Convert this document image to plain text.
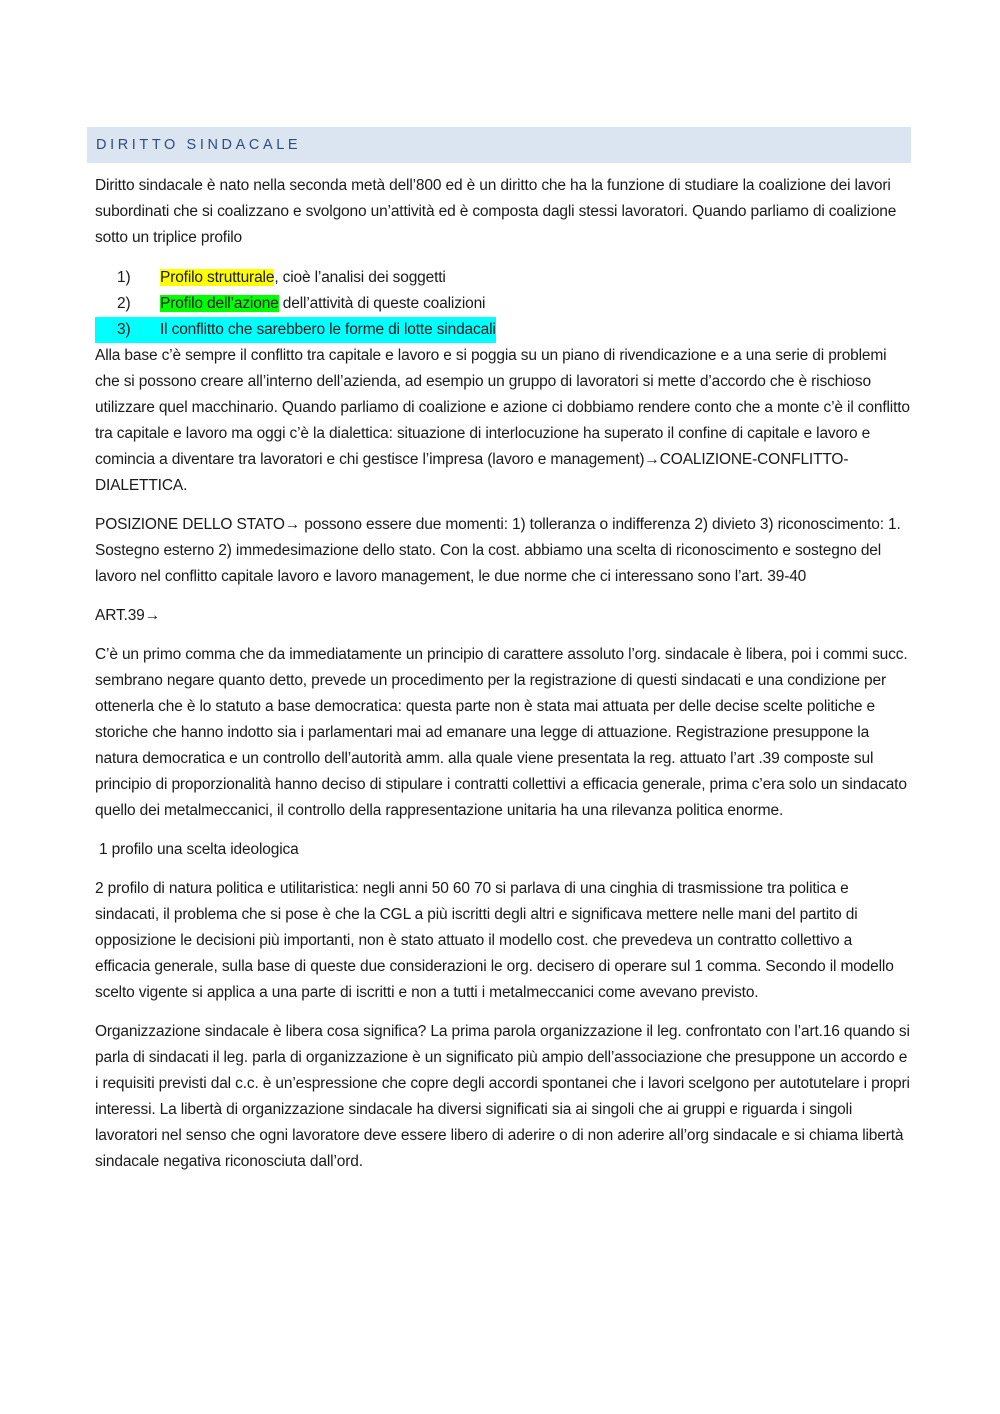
DIRITTO SINDACALE

Diritto sindacale è nato nella seconda metà dell’800 ed è un diritto che ha la funzione di studiare la coalizione dei lavori subordinati che si coalizzano e svolgono un’attività ed è composta dagli stessi lavoratori. Quando parliamo di coalizione sotto un triplice profilo

1)	Profilo strutturale, cioè l’analisi dei soggetti
2)	Profilo dell’azione dell’attività di queste coalizioni
3)	Il conflitto che sarebbero le forme di lotte sindacali

Alla base c’è sempre il conflitto tra capitale e lavoro e si poggia su un piano di rivendicazione e a una serie di problemi che si possono creare all’interno dell’azienda, ad esempio un gruppo di lavoratori si mette d’accordo che è rischioso utilizzare quel macchinario. Quando parliamo di coalizione e azione ci dobbiamo rendere conto che a monte c’è il conflitto tra capitale e lavoro ma oggi c’è la dialettica: situazione di interlocuzione ha superato il confine di capitale e lavoro e comincia a diventare tra lavoratori e chi gestisce l’impresa (lavoro e management)→COALIZIONE-CONFLITTO-DIALETTICA.

POSIZIONE DELLO STATO→ possono essere due momenti: 1) tolleranza o indifferenza 2) divieto 3) riconoscimento: 1. Sostegno esterno 2) immedesimazione dello stato. Con la cost. abbiamo una scelta di riconoscimento e sostegno del lavoro nel conflitto capitale lavoro e lavoro management, le due norme che ci interessano sono l’art. 39-40

ART.39→

C’è un primo comma che da immediatamente un principio di carattere assoluto l’org. sindacale è libera, poi i commi succ. sembrano negare quanto detto, prevede un procedimento per la registrazione di questi sindacati e una condizione per ottenerla che è lo statuto a base democratica: questa parte non è stata mai attuata per delle decise scelte politiche e storiche che hanno indotto sia i parlamentari mai ad emanare una legge di attuazione. Registrazione presuppone la natura democratica e un controllo dell’autorità amm. alla quale viene presentata la reg. attuato l’art .39 composte sul principio di proporzionalità hanno deciso di stipulare i contratti collettivi a efficacia generale, prima c’era solo un sindacato quello dei metalmeccanici, il controllo della rappresentazione unitaria ha una rilevanza politica enorme.

1 profilo una scelta ideologica

2 profilo di natura politica e utilitaristica: negli anni 50 60 70 si parlava di una cinghia di trasmissione tra politica e sindacati, il problema che si pose è che la CGL a più iscritti degli altri e significava mettere nelle mani del partito di opposizione le decisioni più importanti, non è stato attuato il modello cost. che prevedeva un contratto collettivo a efficacia generale, sulla base di queste due considerazioni le org. decisero di operare sul 1 comma. Secondo il modello scelto vigente si applica a una parte di iscritti e non a tutti i metalmeccanici come avevano previsto.

Organizzazione sindacale è libera cosa significa? La prima parola organizzazione il leg. confrontato con l’art.16 quando si parla di sindacati il leg. parla di organizzazione è un significato più ampio dell’associazione che presuppone un accordo e i requisiti previsti dal c.c. è un’espressione che copre degli accordi spontanei che i lavori scelgono per autotutelare i propri interessi. La libertà di organizzazione sindacale ha diversi significati sia ai singoli che ai gruppi e riguarda i singoli lavoratori nel senso che ogni lavoratore deve essere libero di aderire o di non aderire all’org sindacale e si chiama libertà sindacale negativa riconosciuta dall’ord.
